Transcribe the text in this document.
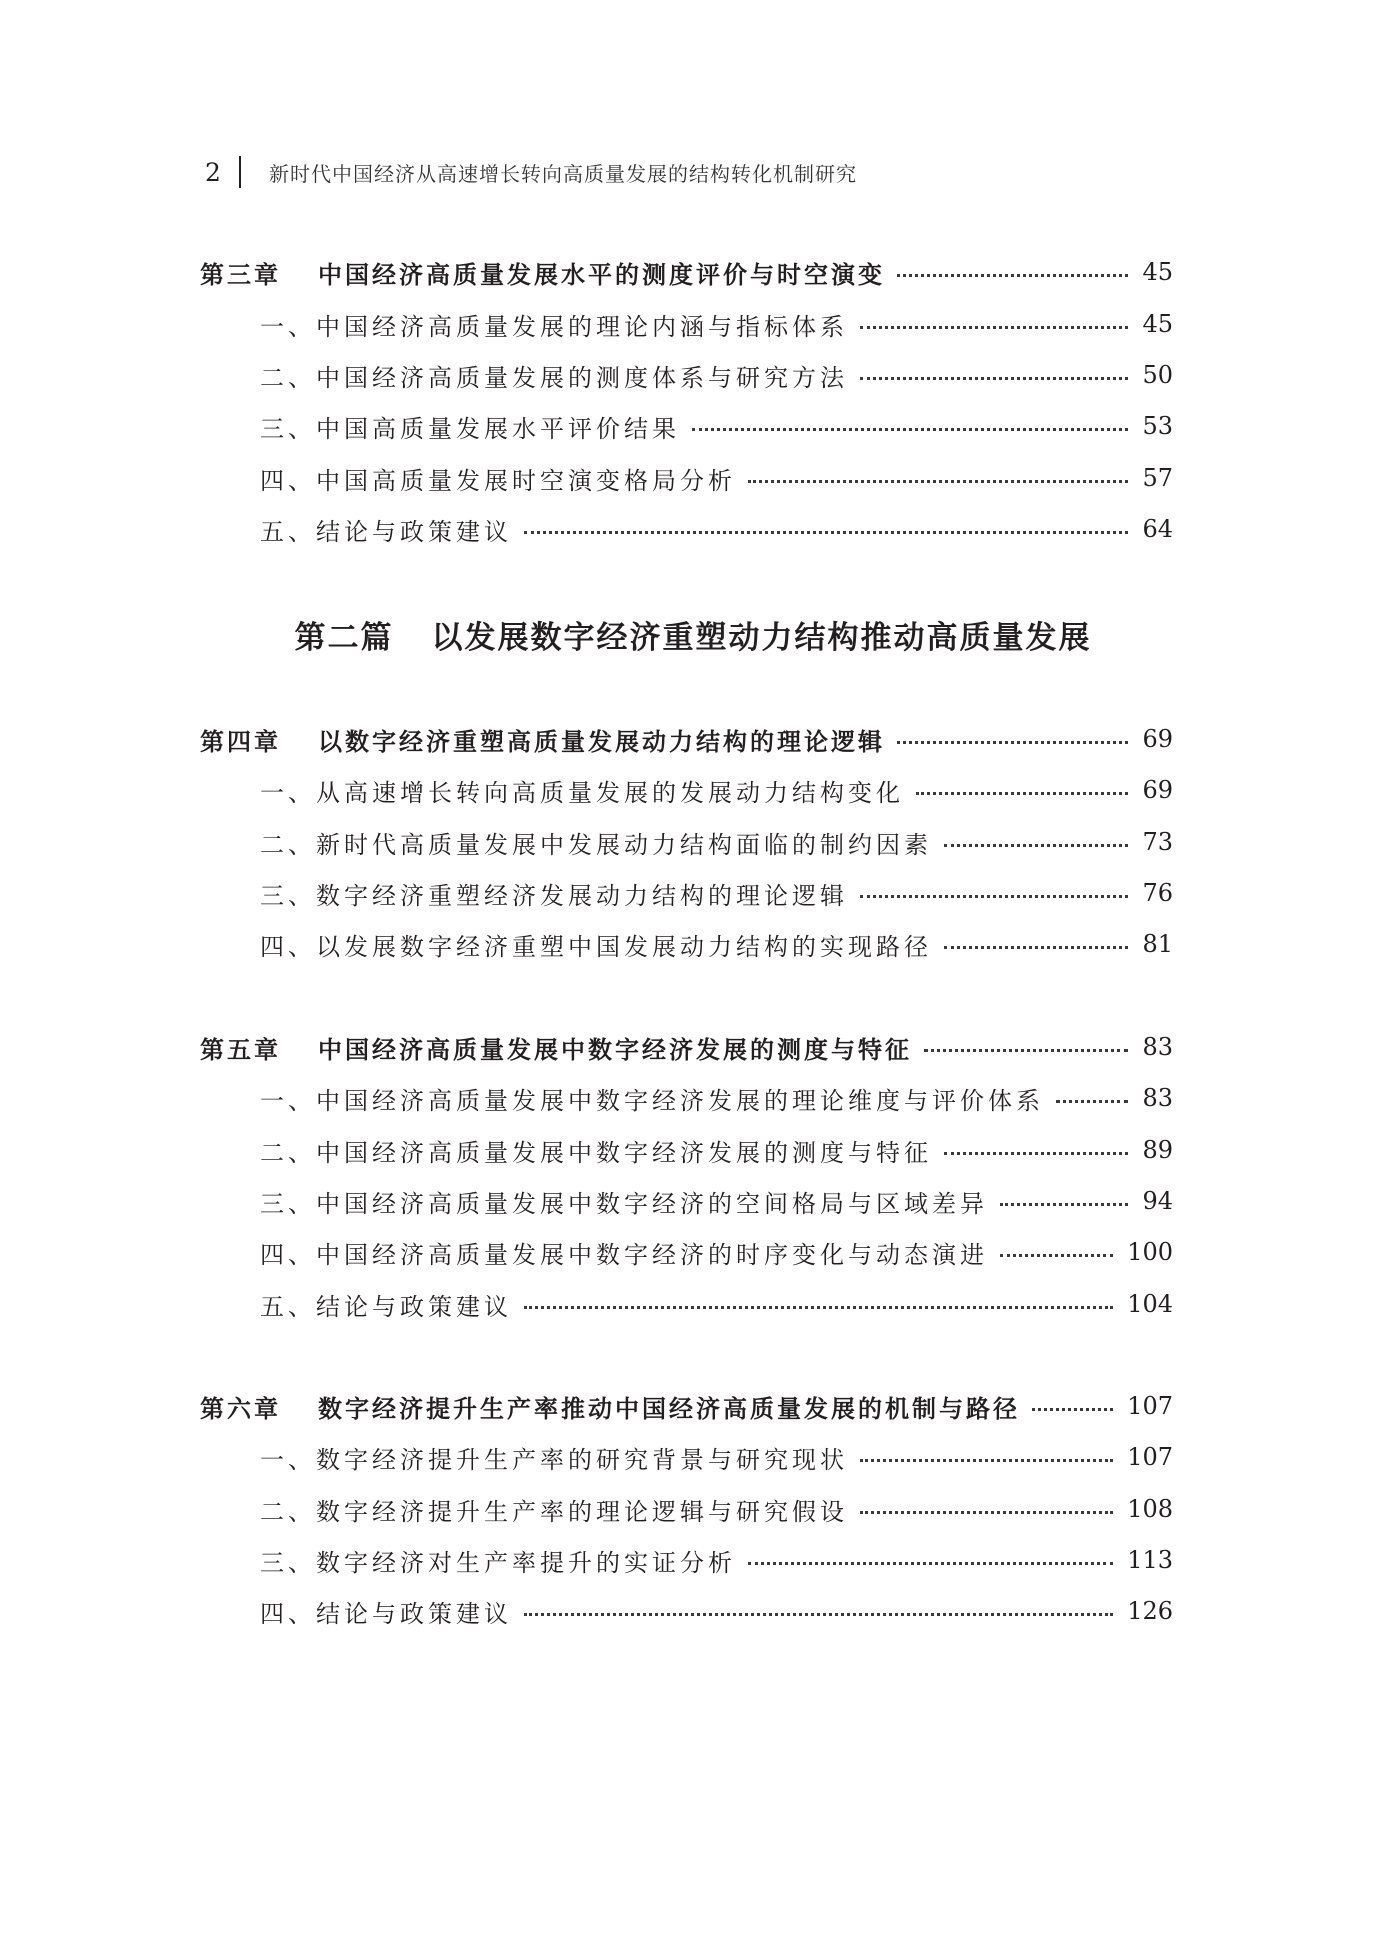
2	新时代中国经济从高速增长转向高质量发展的结构转化机制研究
第三章 中国经济高质量发展水平的测度评价与时空演变	45
一、中国经济高质量发展的理论内涵与指标体系	45
二、中国经济高质量发展的测度体系与研究方法	50
三、中国高质量发展水平评价结果	53
四、中国高质量发展时空演变格局分析	57
五、结论与政策建议	64
第二篇 以发展数字经济重塑动力结构推动高质量发展
第四章 以数字经济重塑高质量发展动力结构的理论逻辑	69
一、从高速增长转向高质量发展的发展动力结构变化	69
二、新时代高质量发展中发展动力结构面临的制约因素	73
三、数字经济重塑经济发展动力结构的理论逻辑	76
四、以发展数字经济重塑中国发展动力结构的实现路径	81
第五章 中国经济高质量发展中数字经济发展的测度与特征	83
一、中国经济高质量发展中数字经济发展的理论维度与评价体系	83
二、中国经济高质量发展中数字经济发展的测度与特征	89
三、中国经济高质量发展中数字经济的空间格局与区域差异	94
四、中国经济高质量发展中数字经济的时序变化与动态演进	100
五、结论与政策建议	104
第六章 数字经济提升生产率推动中国经济高质量发展的机制与路径	107
一、数字经济提升生产率的研究背景与研究现状	107
二、数字经济提升生产率的理论逻辑与研究假设	108
三、数字经济对生产率提升的实证分析	113
四、结论与政策建议	126
